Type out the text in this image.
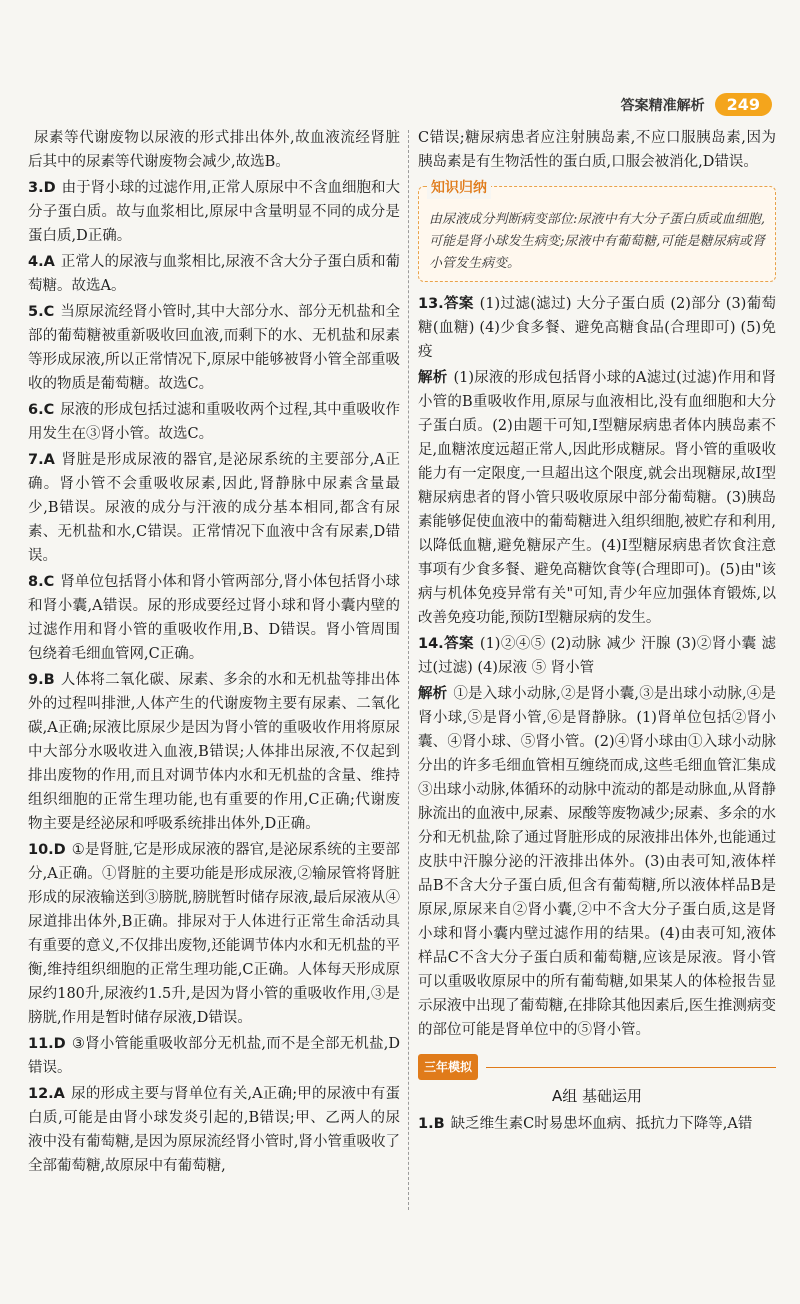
答案精准解析	249

尿素等代谢废物以尿液的形式排出体外,故血液流经肾脏后其中的尿素等代谢废物会减少,故选B。

3.D 由于肾小球的过滤作用,正常人原尿中不含血细胞和大分子蛋白质。故与血浆相比,原尿中含量明显不同的成分是蛋白质,D正确。

4.A 正常人的尿液与血浆相比,尿液不含大分子蛋白质和葡萄糖。故选A。

5.C 当原尿流经肾小管时,其中大部分水、部分无机盐和全部的葡萄糖被重新吸收回血液,而剩下的水、无机盐和尿素等形成尿液,所以正常情况下,原尿中能够被肾小管全部重吸收的物质是葡萄糖。故选C。

6.C 尿液的形成包括过滤和重吸收两个过程,其中重吸收作用发生在③肾小管。故选C。

7.A 肾脏是形成尿液的器官,是泌尿系统的主要部分,A正确。肾小管不会重吸收尿素,因此,肾静脉中尿素含量最少,B错误。尿液的成分与汗液的成分基本相同,都含有尿素、无机盐和水,C错误。正常情况下血液中含有尿素,D错误。

8.C 肾单位包括肾小体和肾小管两部分,肾小体包括肾小球和肾小囊,A错误。尿的形成要经过肾小球和肾小囊内壁的过滤作用和肾小管的重吸收作用,B、D错误。肾小管周围包绕着毛细血管网,C正确。

9.B 人体将二氧化碳、尿素、多余的水和无机盐等排出体外的过程叫排泄,人体产生的代谢废物主要有尿素、二氧化碳,A正确;尿液比原尿少是因为肾小管的重吸收作用将原尿中大部分水吸收进入血液,B错误;人体排出尿液,不仅起到排出废物的作用,而且对调节体内水和无机盐的含量、维持组织细胞的正常生理功能,也有重要的作用,C正确;代谢废物主要是经泌尿和呼吸系统排出体外,D正确。

10.D ①是肾脏,它是形成尿液的器官,是泌尿系统的主要部分,A正确。①肾脏的主要功能是形成尿液,②输尿管将肾脏形成的尿液输送到③膀胱,膀胱暂时储存尿液,最后尿液从④尿道排出体外,B正确。排尿对于人体进行正常生命活动具有重要的意义,不仅排出废物,还能调节体内水和无机盐的平衡,维持组织细胞的正常生理功能,C正确。人体每天形成原尿约180升,尿液约1.5升,是因为肾小管的重吸收作用,③是膀胱,作用是暂时储存尿液,D错误。

11.D ③肾小管能重吸收部分无机盐,而不是全部无机盐,D错误。

12.A 尿的形成主要与肾单位有关,A正确;甲的尿液中有蛋白质,可能是由肾小球发炎引起的,B错误;甲、乙两人的尿液中没有葡萄糖,是因为原尿流经肾小管时,肾小管重吸收了全部葡萄糖,故原尿中有葡萄糖,

C错误;糖尿病患者应注射胰岛素,不应口服胰岛素,因为胰岛素是有生物活性的蛋白质,口服会被消化,D错误。

知识归纳

由尿液成分判断病变部位:尿液中有大分子蛋白质或血细胞,可能是肾小球发生病变;尿液中有葡萄糖,可能是糖尿病或肾小管发生病变。

13.答案 (1)过滤(滤过) 大分子蛋白质 (2)部分 (3)葡萄糖(血糖) (4)少食多餐、避免高糖食品(合理即可) (5)免疫

解析 (1)尿液的形成包括肾小球的A滤过(过滤)作用和肾小管的B重吸收作用,原尿与血液相比,没有血细胞和大分子蛋白质。(2)由题干可知,Ⅰ型糖尿病患者体内胰岛素不足,血糖浓度远超正常人,因此形成糖尿。肾小管的重吸收能力有一定限度,一旦超出这个限度,就会出现糖尿,故Ⅰ型糖尿病患者的肾小管只吸收原尿中部分葡萄糖。(3)胰岛素能够促使血液中的葡萄糖进入组织细胞,被贮存和利用,以降低血糖,避免糖尿产生。(4)Ⅰ型糖尿病患者饮食注意事项有少食多餐、避免高糖饮食等(合理即可)。(5)由"该病与机体免疫异常有关"可知,青少年应加强体育锻炼,以改善免疫功能,预防Ⅰ型糖尿病的发生。

14.答案 (1)②④⑤ (2)动脉 减少 汗腺 (3)②肾小囊 滤过(过滤) (4)尿液 ⑤ 肾小管

解析 ①是入球小动脉,②是肾小囊,③是出球小动脉,④是肾小球,⑤是肾小管,⑥是肾静脉。(1)肾单位包括②肾小囊、④肾小球、⑤肾小管。(2)④肾小球由①入球小动脉分出的许多毛细血管相互缠绕而成,这些毛细血管汇集成③出球小动脉,体循环的动脉中流动的都是动脉血,从肾静脉流出的血液中,尿素、尿酸等废物减少;尿素、多余的水分和无机盐,除了通过肾脏形成的尿液排出体外,也能通过皮肤中汗腺分泌的汗液排出体外。(3)由表可知,液体样品B不含大分子蛋白质,但含有葡萄糖,所以液体样品B是原尿,原尿来自②肾小囊,②中不含大分子蛋白质,这是肾小球和肾小囊内壁过滤作用的结果。(4)由表可知,液体样品C不含大分子蛋白质和葡萄糖,应该是尿液。肾小管可以重吸收原尿中的所有葡萄糖,如果某人的体检报告显示尿液中出现了葡萄糖,在排除其他因素后,医生推测病变的部位可能是肾单位中的⑤肾小管。

三年模拟
A组 基础运用

1.B 缺乏维生素C时易患坏血病、抵抗力下降等,A错
